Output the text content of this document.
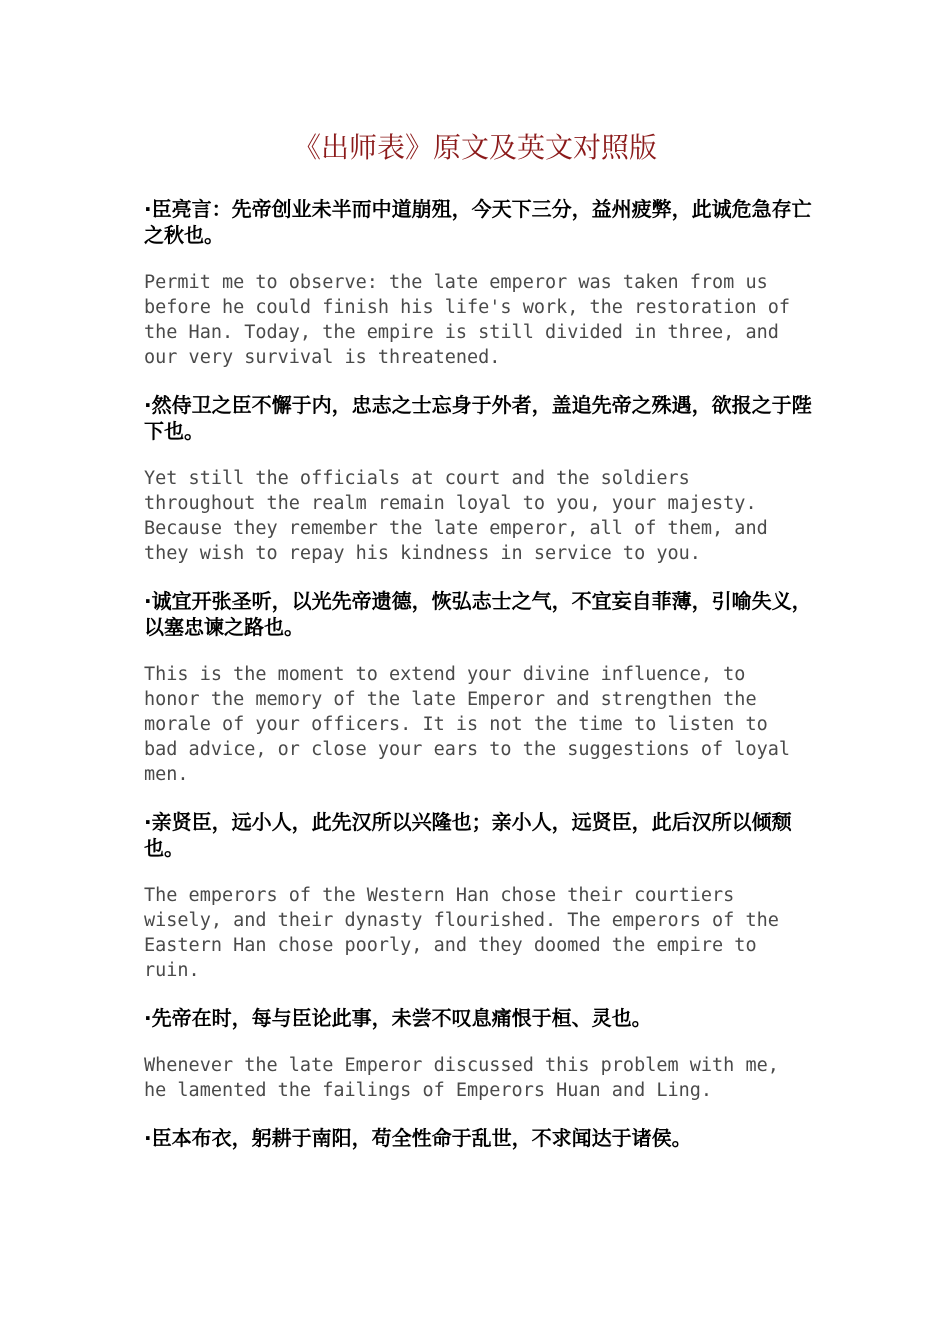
《出师表》原文及英文对照版

·臣亮言：先帝创业未半而中道崩殂，今天下三分，益州疲弊，此诚危急存亡之秋也。

Permit me to observe: the late emperor was taken from us before he could finish his life's work, the restoration of the Han. Today, the empire is still divided in three, and our very survival is threatened.

·然侍卫之臣不懈于内，忠志之士忘身于外者，盖追先帝之殊遇，欲报之于陛下也。

Yet still the officials at court and the soldiers throughout the realm remain loyal to you, your majesty. Because they remember the late emperor, all of them, and they wish to repay his kindness in service to you.

·诚宜开张圣听，以光先帝遗德，恢弘志士之气，不宜妄自菲薄，引喻失义，以塞忠谏之路也。

This is the moment to extend your divine influence, to honor the memory of the late Emperor and strengthen the morale of your officers. It is not the time to listen to bad advice, or close your ears to the suggestions of loyal men.

·亲贤臣，远小人，此先汉所以兴隆也；亲小人，远贤臣，此后汉所以倾颓也。

The emperors of the Western Han chose their courtiers wisely, and their dynasty flourished. The emperors of the Eastern Han chose poorly, and they doomed the empire to ruin.

·先帝在时，每与臣论此事，未尝不叹息痛恨于桓、灵也。

Whenever the late Emperor discussed this problem with me, he lamented the failings of Emperors Huan and Ling.

·臣本布衣，躬耕于南阳，苟全性命于乱世，不求闻达于诸侯。
